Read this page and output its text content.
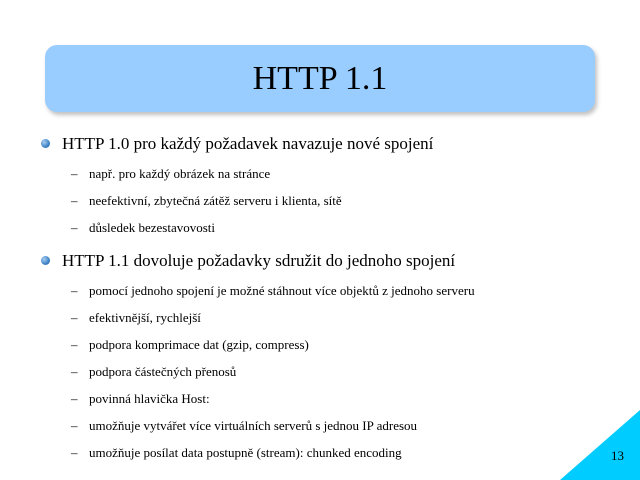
HTTP 1.1
HTTP 1.0 pro každý požadavek navazuje nové spojení
– např. pro každý obrázek na stránce
– neefektivní, zbytečná zátěž serveru i klienta, sítě
– důsledek bezestavovosti
HTTP 1.1 dovoluje požadavky sdružit do jednoho spojení
– pomocí jednoho spojení je možné stáhnout více objektů z jednoho serveru
– efektivnější, rychlejší
– podpora komprimace dat (gzip, compress)
– podpora částečných přenosů
– povinná hlavička Host:
– umožňuje vytvářet více virtuálních serverů s jednou IP adresou
– umožňuje posílat data postupně (stream): chunked encoding	13
